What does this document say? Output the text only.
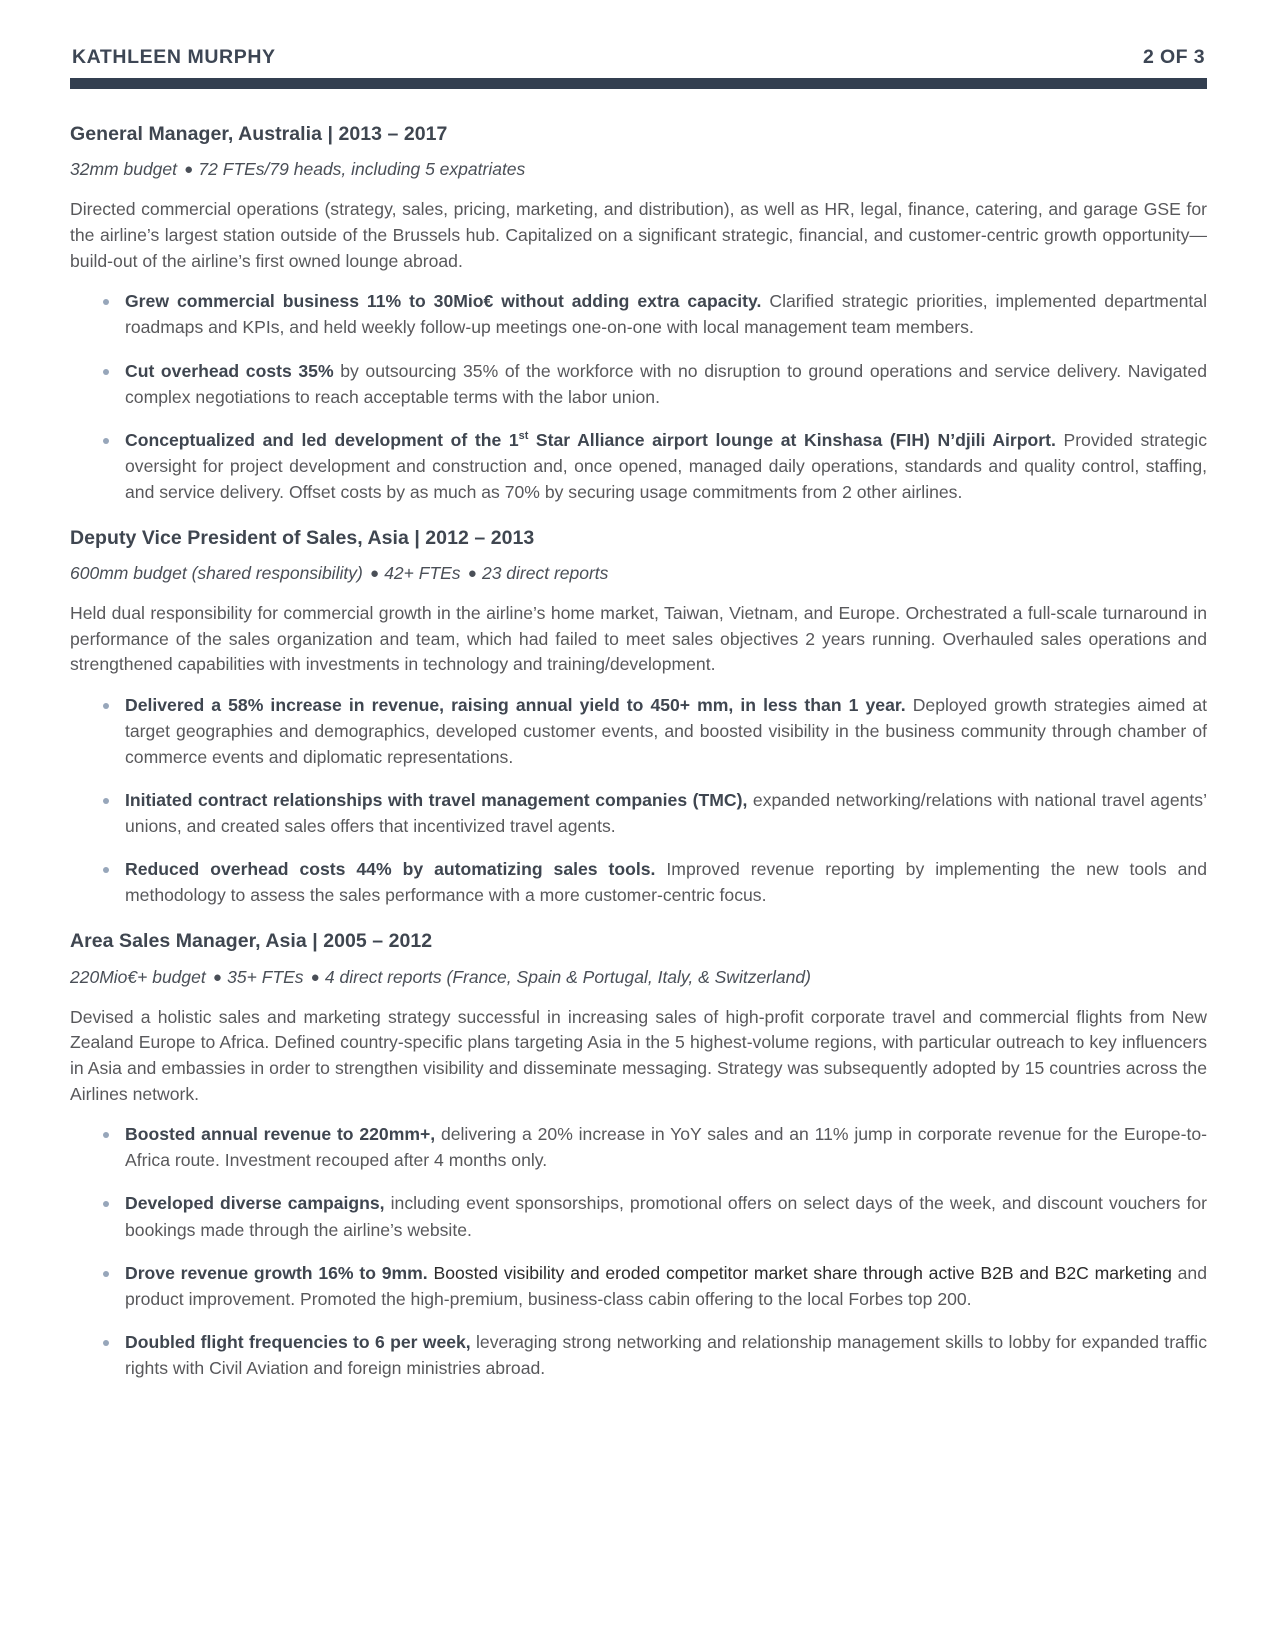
KATHLEEN MURPHY	2 OF 3
General Manager, Australia | 2013 – 2017
32mm budget ● 72 FTEs/79 heads, including 5 expatriates

Directed commercial operations (strategy, sales, pricing, marketing, and distribution), as well as HR, legal, finance, catering, and garage GSE for the airline’s largest station outside of the Brussels hub. Capitalized on a significant strategic, financial, and customer-centric growth opportunity—build-out of the airline’s first owned lounge abroad.

Grew commercial business 11% to 30Mio€ without adding extra capacity. Clarified strategic priorities, implemented departmental roadmaps and KPIs, and held weekly follow-up meetings one-on-one with local management team members.
Cut overhead costs 35% by outsourcing 35% of the workforce with no disruption to ground operations and service delivery. Navigated complex negotiations to reach acceptable terms with the labor union.
Conceptualized and led development of the 1st Star Alliance airport lounge at Kinshasa (FIH) N’djili Airport. Provided strategic oversight for project development and construction and, once opened, managed daily operations, standards and quality control, staffing, and service delivery. Offset costs by as much as 70% by securing usage commitments from 2 other airlines.
Deputy Vice President of Sales, Asia | 2012 – 2013
600mm budget (shared responsibility) ● 42+ FTEs ● 23 direct reports

Held dual responsibility for commercial growth in the airline’s home market, Taiwan, Vietnam, and Europe. Orchestrated a full-scale turnaround in performance of the sales organization and team, which had failed to meet sales objectives 2 years running. Overhauled sales operations and strengthened capabilities with investments in technology and training/development.

Delivered a 58% increase in revenue, raising annual yield to 450+ mm, in less than 1 year. Deployed growth strategies aimed at target geographies and demographics, developed customer events, and boosted visibility in the business community through chamber of commerce events and diplomatic representations.
Initiated contract relationships with travel management companies (TMC), expanded networking/relations with national travel agents’ unions, and created sales offers that incentivized travel agents.
Reduced overhead costs 44% by automatizing sales tools. Improved revenue reporting by implementing the new tools and methodology to assess the sales performance with a more customer-centric focus.
Area Sales Manager, Asia | 2005 – 2012
220Mio€+ budget ● 35+ FTEs ● 4 direct reports (France, Spain & Portugal, Italy, & Switzerland)

Devised a holistic sales and marketing strategy successful in increasing sales of high-profit corporate travel and commercial flights from New Zealand Europe to Africa. Defined country-specific plans targeting Asia in the 5 highest-volume regions, with particular outreach to key influencers in Asia and embassies in order to strengthen visibility and disseminate messaging. Strategy was subsequently adopted by 15 countries across the Airlines network.

Boosted annual revenue to 220mm+, delivering a 20% increase in YoY sales and an 11% jump in corporate revenue for the Europe-to-Africa route. Investment recouped after 4 months only.
Developed diverse campaigns, including event sponsorships, promotional offers on select days of the week, and discount vouchers for bookings made through the airline’s website.
Drove revenue growth 16% to 9mm. Boosted visibility and eroded competitor market share through active B2B and B2C marketing and product improvement. Promoted the high-premium, business-class cabin offering to the local Forbes top 200.
Doubled flight frequencies to 6 per week, leveraging strong networking and relationship management skills to lobby for expanded traffic rights with Civil Aviation and foreign ministries abroad.
